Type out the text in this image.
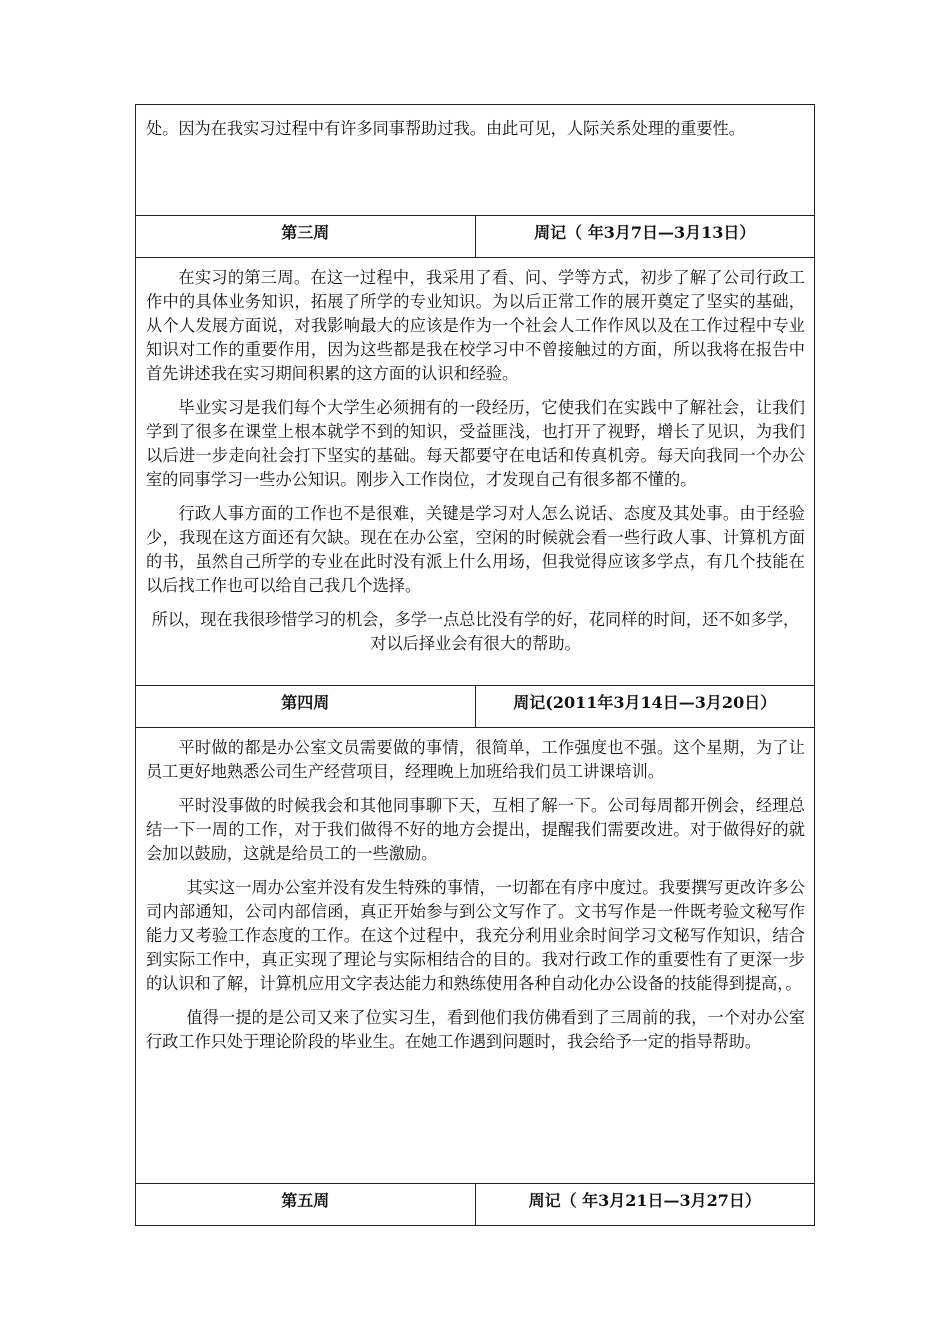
处。因为在我实习过程中有许多同事帮助过我。由此可见，人际关系处理的重要性。	

第三周	周记（ 年3月7日—3月13日）

在实习的第三周。在这一过程中，我采用了看、问、学等方式，初步了解了公司行政工作中的具体业务知识，拓展了所学的专业知识。为以后正常工作的展开奠定了坚实的基础，从个人发展方面说，对我影响最大的应该是作为一个社会人工作作风以及在工作过程中专业知识对工作的重要作用，因为这些都是我在校学习中不曾接触过的方面，所以我将在报告中首先讲述我在实习期间积累的这方面的认识和经验。

毕业实习是我们每个大学生必须拥有的一段经历，它使我们在实践中了解社会，让我们学到了很多在课堂上根本就学不到的知识，受益匪浅，也打开了视野，增长了见识，为我们以后进一步走向社会打下坚实的基础。每天都要守在电话和传真机旁。每天向我同一个办公室的同事学习一些办公知识。刚步入工作岗位，才发现自己有很多都不懂的。

行政人事方面的工作也不是很难，关键是学习对人怎么说话、态度及其处事。由于经验少，我现在这方面还有欠缺。现在在办公室，空闲的时候就会看一些行政人事、计算机方面的书，虽然自己所学的专业在此时没有派上什么用场，但我觉得应该多学点，有几个技能在以后找工作也可以给自己我几个选择。

所以，现在我很珍惜学习的机会，多学一点总比没有学的好，花同样的时间，还不如多学，对以后择业会有很大的帮助。	

第四周	周记(2011年3月14日—3月20日）

平时做的都是办公室文员需要做的事情，很简单，工作强度也不强。这个星期，为了让员工更好地熟悉公司生产经营项目，经理晚上加班给我们员工讲课培训。

平时没事做的时候我会和其他同事聊下天，互相了解一下。公司每周都开例会，经理总结一下一周的工作，对于我们做得不好的地方会提出，提醒我们需要改进。对于做得好的就会加以鼓励，这就是给员工的一些激励。

其实这一周办公室并没有发生特殊的事情，一切都在有序中度过。我要撰写更改许多公司内部通知，公司内部信函，真正开始参与到公文写作了。文书写作是一件既考验文秘写作能力又考验工作态度的工作。在这个过程中，我充分利用业余时间学习文秘写作知识，结合到实际工作中，真正实现了理论与实际相结合的目的。我对行政工作的重要性有了更深一步的认识和了解，计算机应用文字表达能力和熟练使用各种自动化办公设备的技能得到提高，。

值得一提的是公司又来了位实习生，看到他们我仿佛看到了三周前的我，一个对办公室行政工作只处于理论阶段的毕业生。在她工作遇到问题时，我会给予一定的指导帮助。	

第五周	周记（ 年3月21日—3月27日）
